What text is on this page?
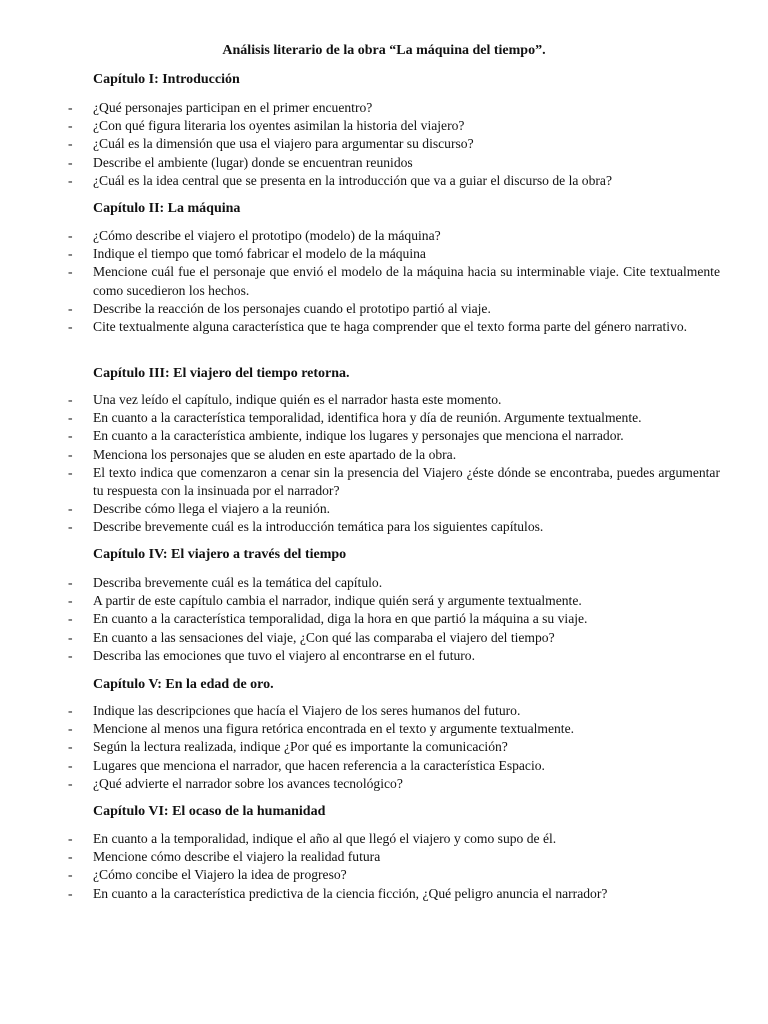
Análisis literario de la obra “La máquina del tiempo”.
Capítulo I: Introducción
- ¿Qué personajes participan en el primer encuentro?
- ¿Con qué figura literaria los oyentes asimilan la historia del viajero?
- ¿Cuál es la dimensión que usa el viajero para argumentar su discurso?
- Describe el ambiente (lugar) donde se encuentran reunidos
- ¿Cuál es la idea central que se presenta en la introducción que va a guiar el discurso de la obra?
Capítulo II: La máquina
- ¿Cómo describe el viajero el prototipo (modelo) de la máquina?
- Indique el tiempo que tomó fabricar el modelo de la máquina
- Mencione cuál fue el personaje que envió el modelo de la máquina hacia su interminable viaje. Cite textualmente como sucedieron los hechos.
- Describe la reacción de los personajes cuando el prototipo partió al viaje.
- Cite textualmente alguna característica que te haga comprender que el texto forma parte del género narrativo.
Capítulo III: El viajero del tiempo retorna.
- Una vez leído el capítulo, indique quién es el narrador hasta este momento.
- En cuanto a la característica temporalidad, identifica hora y día de reunión. Argumente textualmente.
- En cuanto a la característica ambiente, indique los lugares y personajes que menciona el narrador.
- Menciona los personajes que se aluden en este apartado de la obra.
- El texto indica que comenzaron a cenar sin la presencia del Viajero ¿éste dónde se encontraba, puedes argumentar tu respuesta con la insinuada por el narrador?
- Describe cómo llega el viajero a la reunión.
- Describe brevemente cuál es la introducción temática para los siguientes capítulos.
Capítulo IV: El viajero a través del tiempo
- Describa brevemente cuál es la temática del capítulo.
- A partir de este capítulo cambia el narrador, indique quién será y argumente textualmente.
- En cuanto a la característica temporalidad, diga la hora en que partió la máquina a su viaje.
- En cuanto a las sensaciones del viaje, ¿Con qué las comparaba el viajero del tiempo?
- Describa las emociones que tuvo el viajero al encontrarse en el futuro.
Capítulo V: En la edad de oro.
- Indique las descripciones que hacía el Viajero de los seres humanos del futuro.
- Mencione al menos una figura retórica encontrada en el texto y argumente textualmente.
- Según la lectura realizada, indique ¿Por qué es importante la comunicación?
- Lugares que menciona el narrador, que hacen referencia a la característica Espacio.
- ¿Qué advierte el narrador sobre los avances tecnológico?
Capítulo VI: El ocaso de la humanidad
- En cuanto a la temporalidad, indique el año al que llegó el viajero y como supo de él.
- Mencione cómo describe el viajero la realidad futura
- ¿Cómo concibe el Viajero la idea de progreso?
- En cuanto a la característica predictiva de la ciencia ficción, ¿Qué peligro anuncia el narrador?
